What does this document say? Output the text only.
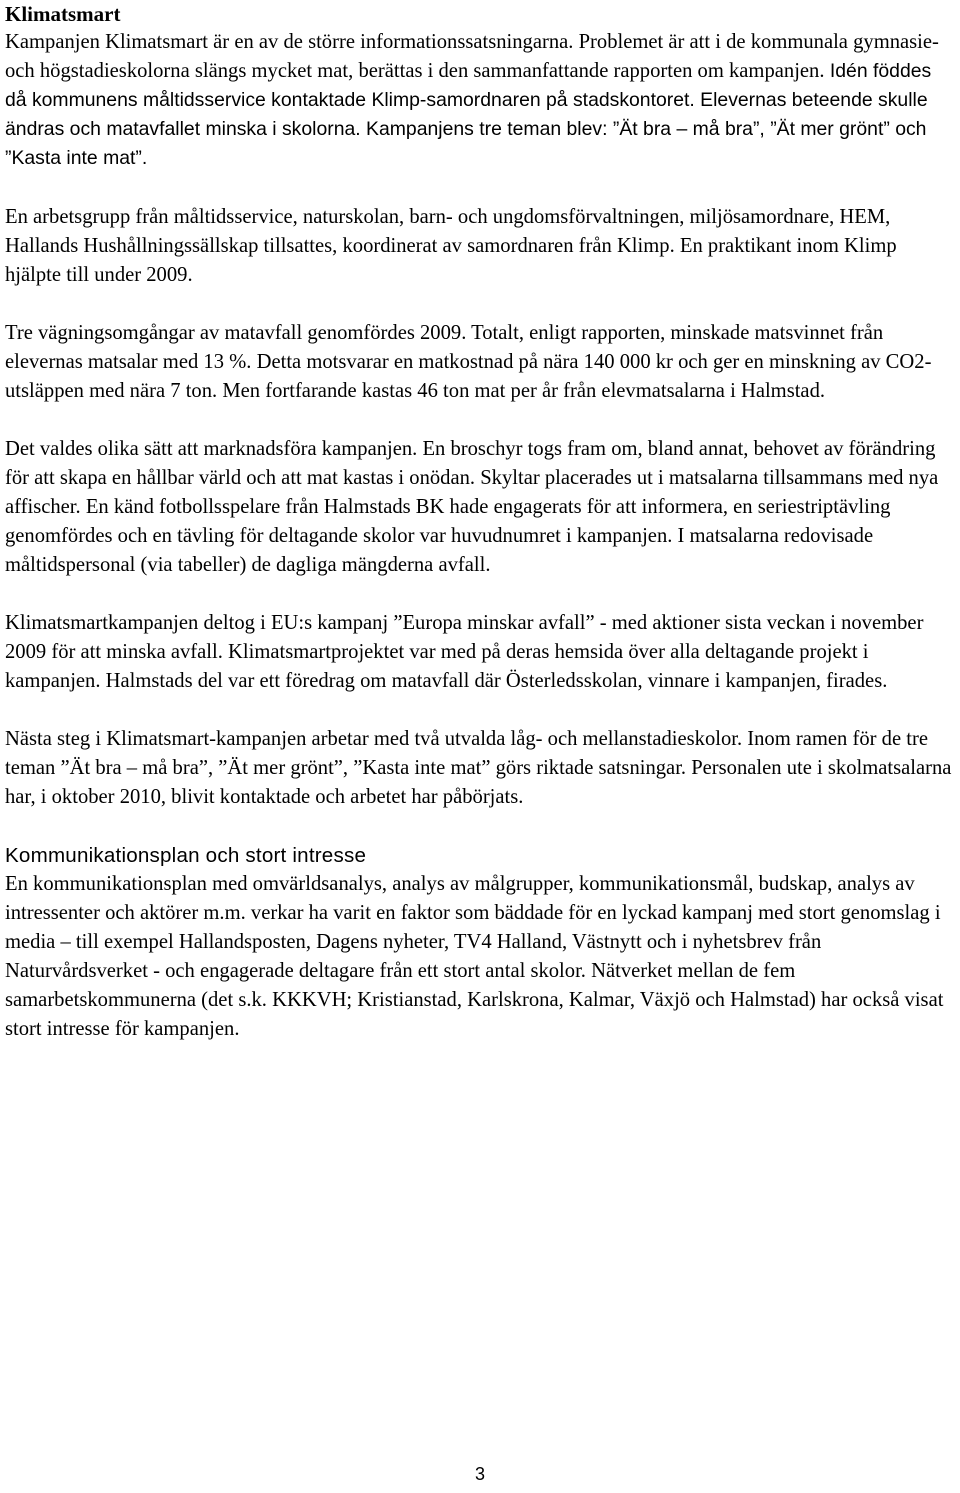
Klimatsmart

Kampanjen Klimatsmart är en av de större informationssatsningarna. Problemet är att i de kommunala gymnasie- och högstadieskolorna slängs mycket mat, berättas i den sammanfattande rapporten om kampanjen. Idén föddes då kommunens måltidsservice kontaktade Klimp-samordnaren på stadskontoret. Elevernas beteende skulle ändras och matavfallet minska i skolorna. Kampanjens tre teman blev: ”Ät bra – må bra”, ”Ät mer grönt” och ”Kasta inte mat”.

En arbetsgrupp från måltidsservice, naturskolan, barn- och ungdomsförvaltningen, miljösamordnare, HEM, Hallands Hushållningssällskap tillsattes, koordinerat av samordnaren från Klimp. En praktikant inom Klimp hjälpte till under 2009.

Tre vägningsomgångar av matavfall genomfördes 2009. Totalt, enligt rapporten, minskade matsvinnet från elevernas matsalar med 13 %. Detta motsvarar en matkostnad på nära 140 000 kr och ger en minskning av CO2- utsläppen med nära 7 ton. Men fortfarande kastas 46 ton mat per år från elevmatsalarna i Halmstad.

Det valdes olika sätt att marknadsföra kampanjen. En broschyr togs fram om, bland annat, behovet av förändring för att skapa en hållbar värld och att mat kastas i onödan. Skyltar placerades ut i matsalarna tillsammans med nya affischer. En känd fotbollsspelare från Halmstads BK hade engagerats för att informera, en seriestriptävling genomfördes och en tävling för deltagande skolor var huvudnumret i kampanjen. I matsalarna redovisade måltidspersonal (via tabeller) de dagliga mängderna avfall.

Klimatsmartkampanjen deltog i EU:s kampanj ”Europa minskar avfall” - med aktioner sista veckan i november 2009 för att minska avfall. Klimatsmartprojektet var med på deras hemsida över alla deltagande projekt i kampanjen. Halmstads del var ett föredrag om matavfall där Österledsskolan, vinnare i kampanjen, firades.

Nästa steg i Klimatsmart-kampanjen arbetar med två utvalda låg- och mellanstadieskolor. Inom ramen för de tre teman ”Ät bra – må bra”, ”Ät mer grönt”, ”Kasta inte mat” görs riktade satsningar. Personalen ute i skolmatsalarna har, i oktober 2010, blivit kontaktade och arbetet har påbörjats.

Kommunikationsplan och stort intresse

En kommunikationsplan med omvärldsanalys, analys av målgrupper, kommunikationsmål, budskap, analys av intressenter och aktörer m.m. verkar ha varit en faktor som bäddade för en lyckad kampanj med stort genomslag i media – till exempel Hallandsposten, Dagens nyheter, TV4 Halland, Västnytt och i nyhetsbrev från Naturvårdsverket - och engagerade deltagare från ett stort antal skolor. Nätverket mellan de fem samarbetskommunerna (det s.k. KKKVH; Kristianstad, Karlskrona, Kalmar, Växjö och Halmstad) har också visat stort intresse för kampanjen.

3
